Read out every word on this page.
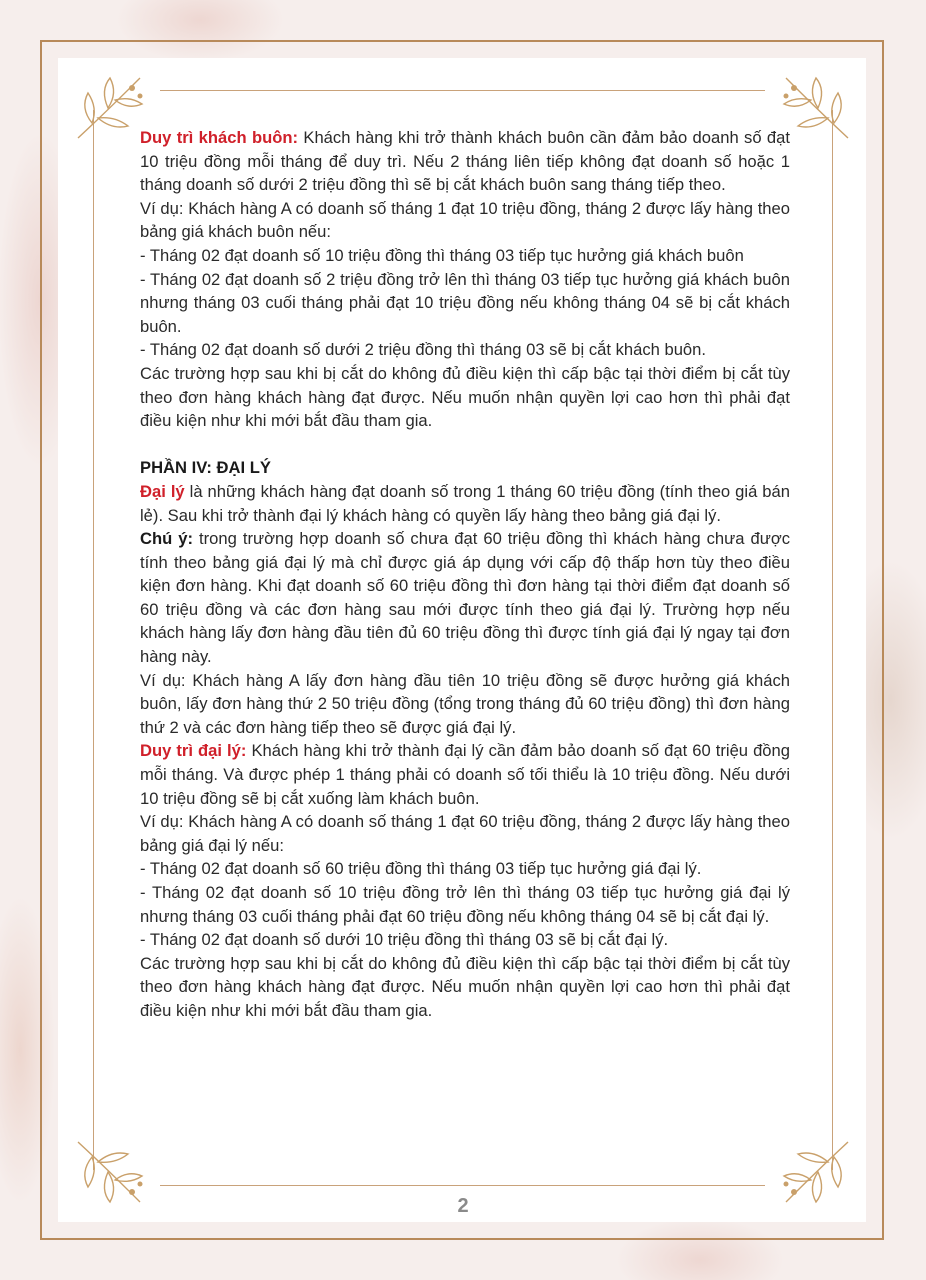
Duy trì khách buôn: Khách hàng khi trở thành khách buôn cần đảm bảo doanh số đạt 10 triệu đồng mỗi tháng để duy trì. Nếu 2 tháng liên tiếp không đạt doanh số hoặc 1 tháng doanh số dưới 2 triệu đồng thì sẽ bị cắt khách buôn sang tháng tiếp theo.

Ví dụ: Khách hàng A có doanh số tháng 1 đạt 10 triệu đồng, tháng 2 được lấy hàng theo bảng giá khách buôn nếu:

- Tháng 02 đạt doanh số 10 triệu đồng thì tháng 03 tiếp tục hưởng giá khách buôn

- Tháng 02 đạt doanh số 2 triệu đồng trở lên thì tháng 03 tiếp tục hưởng giá khách buôn nhưng tháng 03 cuối tháng phải đạt 10 triệu đồng nếu không tháng 04 sẽ bị cắt khách buôn.

- Tháng 02 đạt doanh số dưới 2 triệu đồng thì tháng 03 sẽ bị cắt khách buôn.

Các trường hợp sau khi bị cắt do không đủ điều kiện thì cấp bậc tại thời điểm bị cắt tùy theo đơn hàng khách hàng đạt được. Nếu muốn nhận quyền lợi cao hơn thì phải đạt điều kiện như khi mới bắt đầu tham gia.

PHẦN IV: ĐẠI LÝ

Đại lý là những khách hàng đạt doanh số trong 1 tháng 60 triệu đồng (tính theo giá bán lẻ). Sau khi trở thành đại lý khách hàng có quyền lấy hàng theo bảng giá đại lý.

Chú ý: trong trường hợp doanh số chưa đạt 60 triệu đồng thì khách hàng chưa được tính theo bảng giá đại lý mà chỉ được giá áp dụng với cấp độ thấp hơn tùy theo điều kiện đơn hàng. Khi đạt doanh số 60 triệu đồng thì đơn hàng tại thời điểm đạt doanh số 60 triệu đồng và các đơn hàng sau mới được tính theo giá đại lý. Trường hợp nếu khách hàng lấy đơn hàng đầu tiên đủ 60 triệu đồng thì được tính giá đại lý ngay tại đơn hàng này.

Ví dụ: Khách hàng A lấy đơn hàng đầu tiên 10 triệu đồng sẽ được hưởng giá khách buôn, lấy đơn hàng thứ 2 50 triệu đồng (tổng trong tháng đủ 60 triệu đồng) thì đơn hàng thứ 2 và các đơn hàng tiếp theo sẽ được giá đại lý.

Duy trì đại lý: Khách hàng khi trở thành đại lý cần đảm bảo doanh số đạt 60 triệu đồng mỗi tháng. Và được phép 1 tháng phải có doanh số tối thiểu là 10 triệu đồng. Nếu dưới 10 triệu đồng sẽ bị cắt xuống làm khách buôn.

Ví dụ: Khách hàng A có doanh số tháng 1 đạt 60 triệu đồng, tháng 2 được lấy hàng theo bảng giá đại lý nếu:

- Tháng 02 đạt doanh số 60 triệu đồng thì tháng 03 tiếp tục hưởng giá đại lý.

- Tháng 02 đạt doanh số 10 triệu đồng trở lên thì tháng 03 tiếp tục hưởng giá đại lý nhưng tháng 03 cuối tháng phải đạt 60 triệu đồng nếu không tháng 04 sẽ bị cắt đại lý.

- Tháng 02 đạt doanh số dưới 10 triệu đồng thì tháng 03 sẽ bị cắt đại lý.

Các trường hợp sau khi bị cắt do không đủ điều kiện thì cấp bậc tại thời điểm bị cắt tùy theo đơn hàng khách hàng đạt được. Nếu muốn nhận quyền lợi cao hơn thì phải đạt điều kiện như khi mới bắt đầu tham gia.

2
